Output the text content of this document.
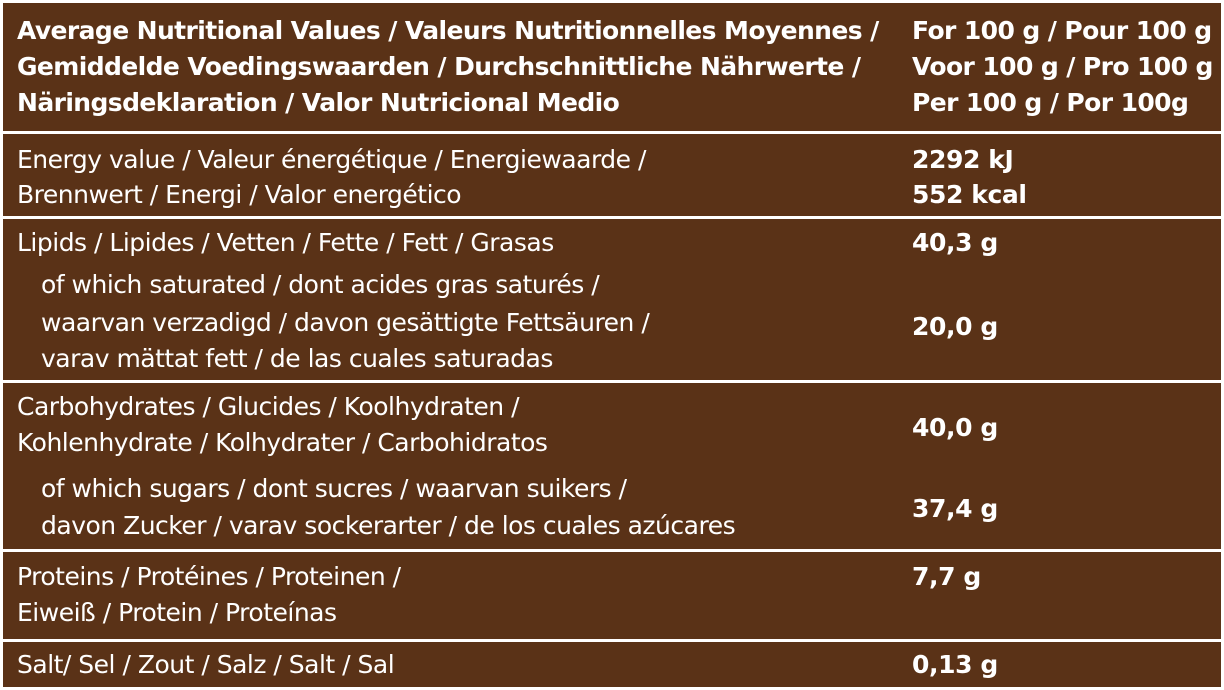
Average Nutritional Values / Valeurs Nutritionnelles Moyennes /
Gemiddelde Voedingswaarden / Durchschnittliche Nährwerte /
Näringsdeklaration / Valor Nutricional Medio
For 100 g / Pour 100 g
Voor 100 g / Pro 100 g
Per 100 g / Por 100g
Energy value / Valeur énergétique / Energiewaarde /
Brennwert / Energi / Valor energético
2292 kJ
552 kcal
Lipids / Lipides / Vetten / Fette / Fett / Grasas	40,3 g
of which saturated / dont acides gras saturés /
waarvan verzadigd / davon gesättigte Fettsäuren /
varav mättat fett / de las cuales saturadas
20,0 g
Carbohydrates / Glucides / Koolhydraten /
Kohlenhydrate / Kolhydrater / Carbohidratos
40,0 g
of which sugars / dont sucres / waarvan suikers /
davon Zucker / varav sockerarter / de los cuales azúcares
37,4 g
Proteins / Protéines / Proteinen /
Eiweiß / Protein / Proteínas
7,7 g
Salt/ Sel / Zout / Salz / Salt / Sal	0,13 g
